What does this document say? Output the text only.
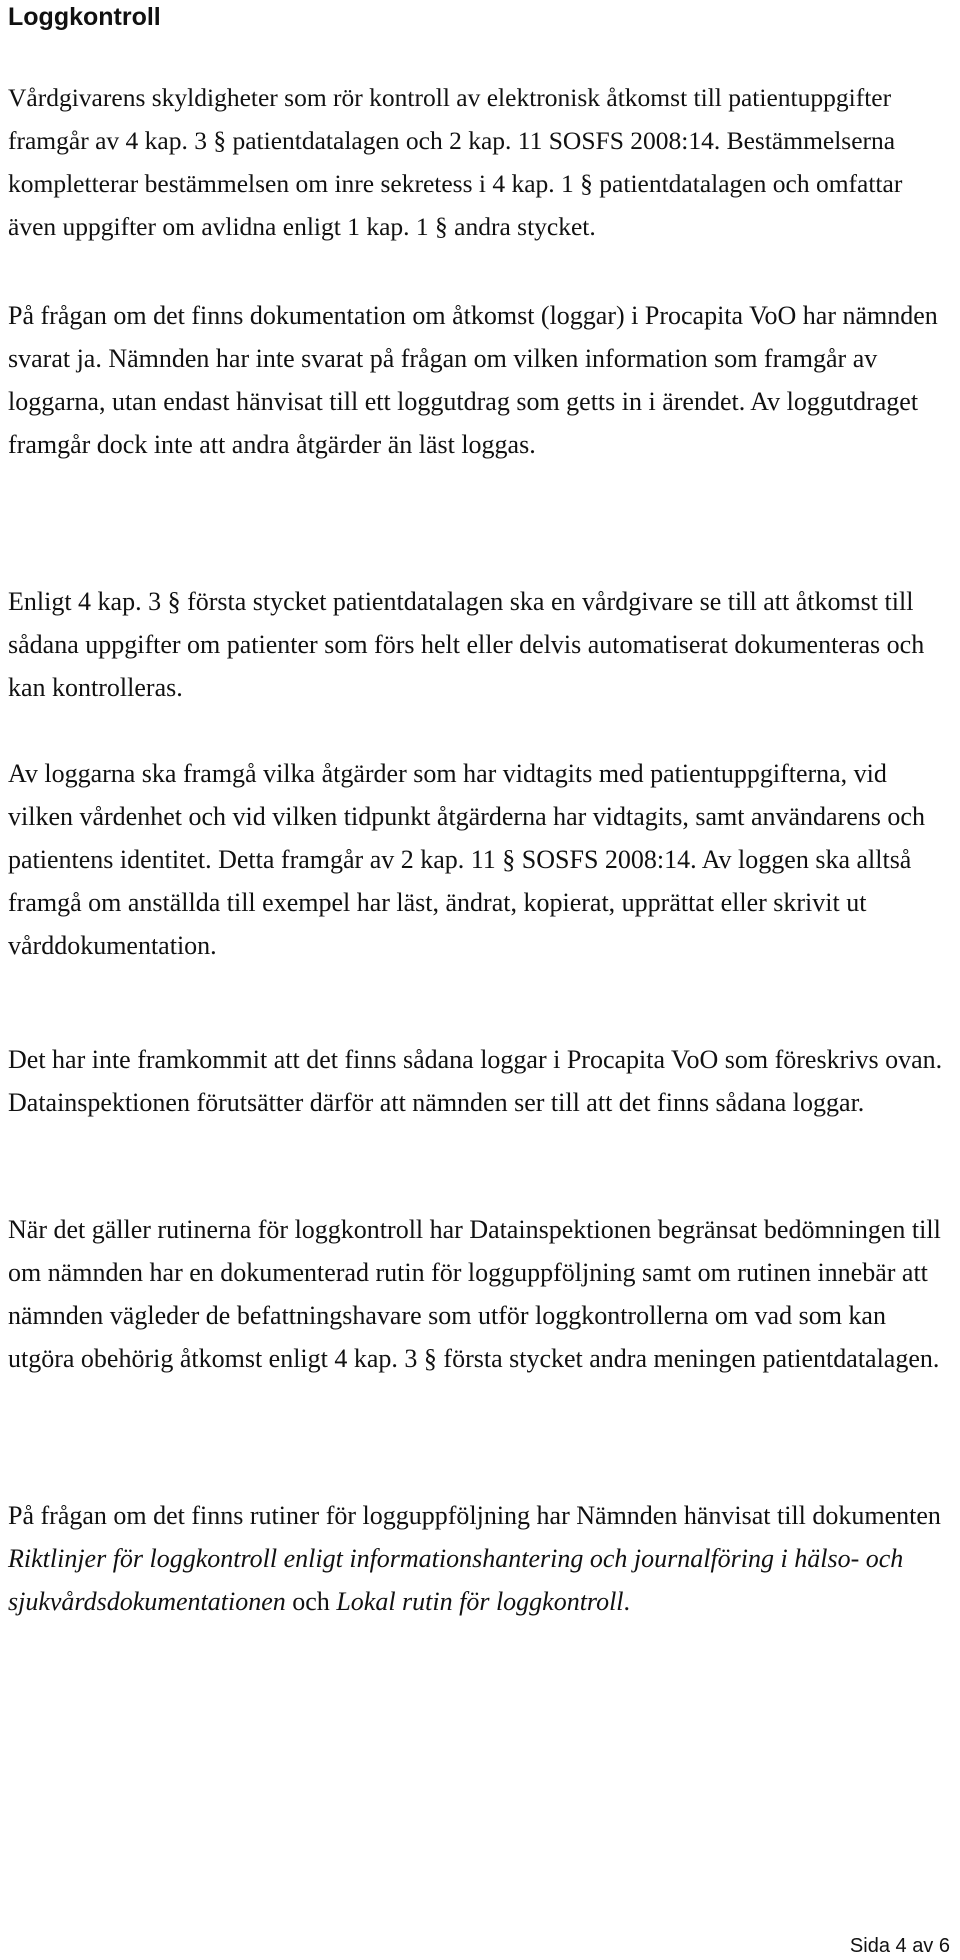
Loggkontroll

Vårdgivarens skyldigheter som rör kontroll av elektronisk åtkomst till patientuppgifter framgår av 4 kap. 3 § patientdatalagen och 2 kap. 11 SOSFS 2008:14. Bestämmelserna kompletterar bestämmelsen om inre sekretess i 4 kap. 1 § patientdatalagen och omfattar även uppgifter om avlidna enligt 1 kap. 1 § andra stycket.

På frågan om det finns dokumentation om åtkomst (loggar) i Procapita VoO har nämnden svarat ja. Nämnden har inte svarat på frågan om vilken information som framgår av loggarna, utan endast hänvisat till ett loggutdrag som getts in i ärendet. Av loggutdraget framgår dock inte att andra åtgärder än läst loggas.

Enligt 4 kap. 3 § första stycket patientdatalagen ska en vårdgivare se till att åtkomst till sådana uppgifter om patienter som förs helt eller delvis automatiserat dokumenteras och kan kontrolleras.

Av loggarna ska framgå vilka åtgärder som har vidtagits med patientuppgifterna, vid vilken vårdenhet och vid vilken tidpunkt åtgärderna har vidtagits, samt användarens och patientens identitet. Detta framgår av 2 kap. 11 § SOSFS 2008:14. Av loggen ska alltså framgå om anställda till exempel har läst, ändrat, kopierat, upprättat eller skrivit ut vårddokumentation.

Det har inte framkommit att det finns sådana loggar i Procapita VoO som föreskrivs ovan. Datainspektionen förutsätter därför att nämnden ser till att det finns sådana loggar.

När det gäller rutinerna för loggkontroll har Datainspektionen begränsat bedömningen till om nämnden har en dokumenterad rutin för logguppföljning samt om rutinen innebär att nämnden vägleder de befattningshavare som utför loggkontrollerna om vad som kan utgöra obehörig åtkomst enligt 4 kap. 3 § första stycket andra meningen patientdatalagen.

På frågan om det finns rutiner för logguppföljning har Nämnden hänvisat till dokumenten Riktlinjer för loggkontroll enligt informationshantering och journalföring i hälso- och sjukvårdsdokumentationen och Lokal rutin för loggkontroll.

Sida 4 av 6
